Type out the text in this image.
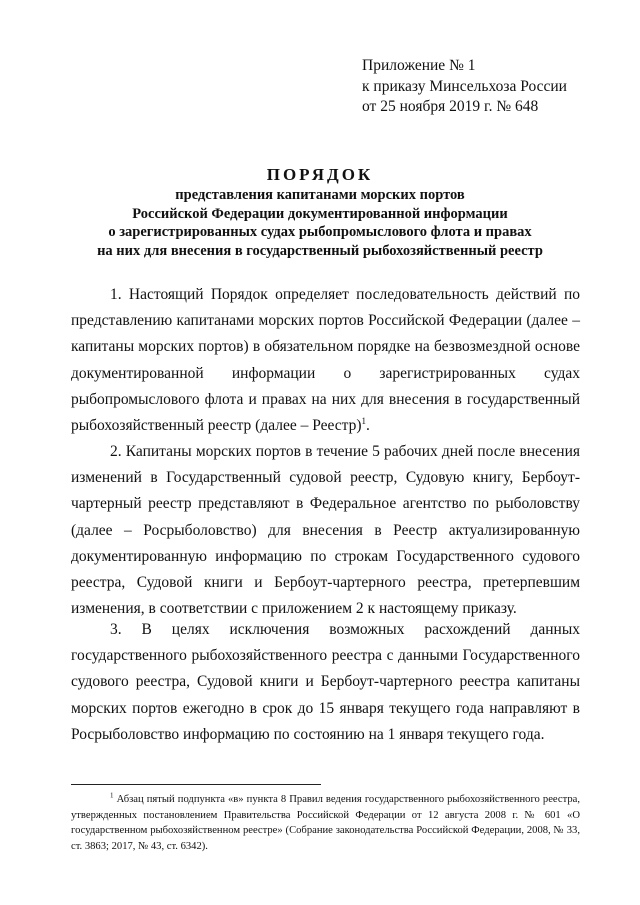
Приложение № 1
к приказу Минсельхоза России
от 25 ноября 2019 г. № 648
ПОРЯДОК
представления капитанами морских портов
Российской Федерации документированной информации
о зарегистрированных судах рыбопромыслового флота и правах
на них для внесения в государственный рыбохозяйственный реестр

1. Настоящий Порядок определяет последовательность действий по представлению капитанами морских портов Российской Федерации (далее – капитаны морских портов) в обязательном порядке на безвозмездной основе документированной информации о зарегистрированных судах рыбопромыслового флота и правах на них для внесения в государственный рыбохозяйственный реестр (далее – Реестр)$^1$.

2. Капитаны морских портов в течение 5 рабочих дней после внесения изменений в Государственный судовой реестр, Судовую книгу, Бербоут-чартерный реестр представляют в Федеральное агентство по рыболовству (далее – Росрыболовство) для внесения в Реестр актуализированную документированную информацию по строкам Государственного судового реестра, Судовой книги и Бербоут-чартерного реестра, претерпевшим изменения, в соответствии с приложением 2 к настоящему приказу.

3. В целях исключения возможных расхождений данных государственного рыбохозяйственного реестра с данными Государственного судового реестра, Судовой книги и Бербоут-чартерного реестра капитаны морских портов ежегодно в срок до 15 января текущего года направляют в Росрыболовство информацию по состоянию на 1 января текущего года.

$^1$ Абзац пятый подпункта «в» пункта 8 Правил ведения государственного рыбохозяйственного реестра, утвержденных постановлением Правительства Российской Федерации от 12 августа 2008 г. № 601 «О государственном рыбохозяйственном реестре» (Собрание законодательства Российской Федерации, 2008, № 33, ст. 3863; 2017, № 43, ст. 6342).
